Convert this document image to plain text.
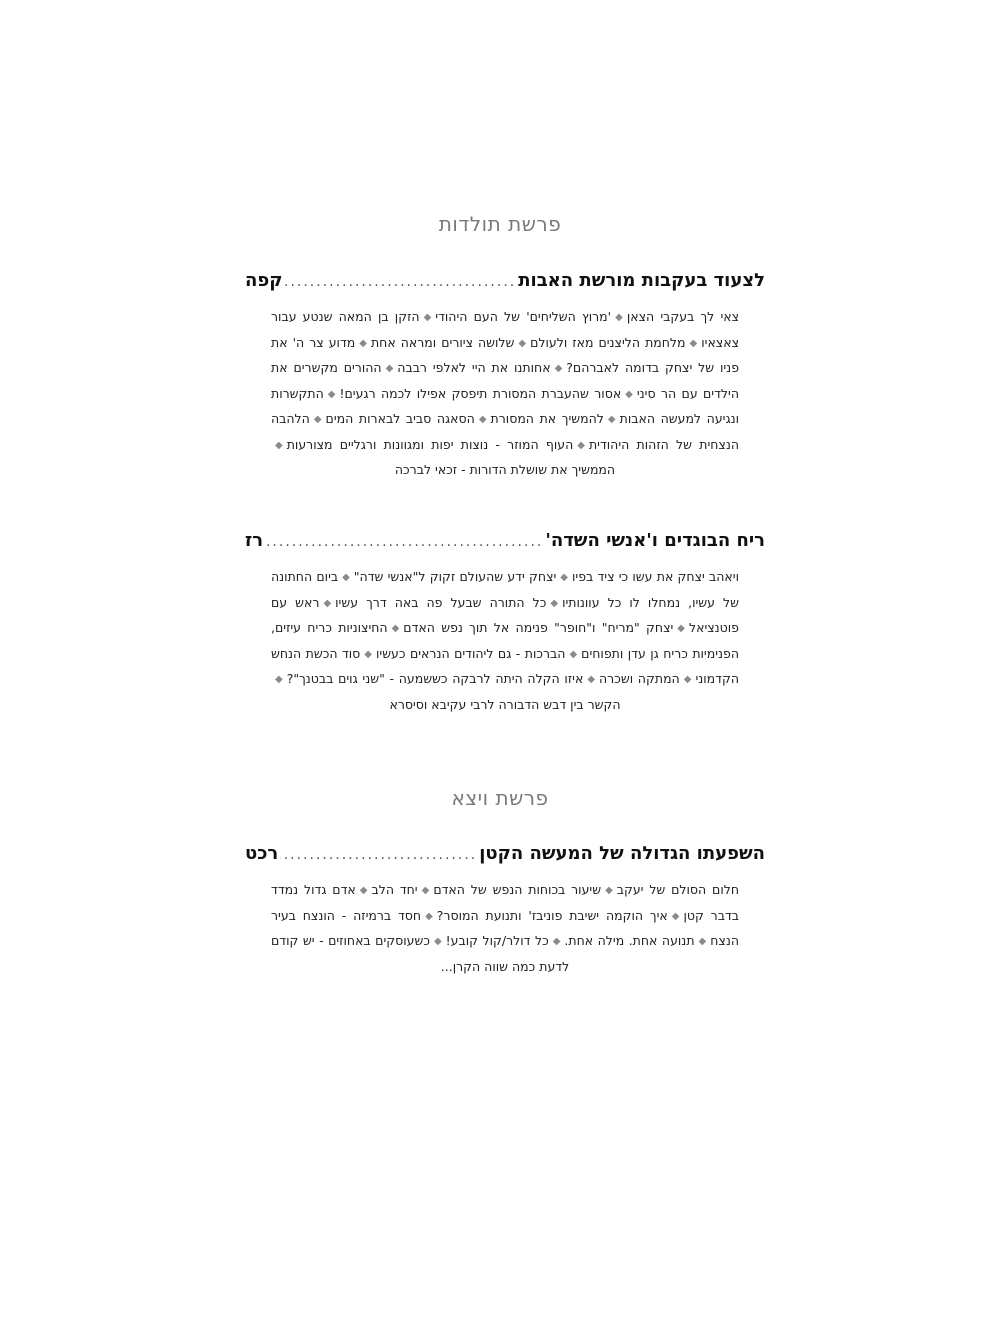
פרשת תולדות
לצעוד בעקבות מורשת האבות
.....
קפה
צאי לך בעקבי הצאן◆'מרוץ השליחים' של העם היהודי◆הזקן בן המאה שנטע עבור צאצאיו◆מלחמת הליצנים מאז ולעולם◆שלושה ציורים ומראה אחת◆מדוע צר ה' את פניו של יצחק בדומה לאברהם?◆אחותנו את היי לאלפי רבבה◆ההורים מקשרים את הילדים עם הר סיני◆אסור שהעברת המסורת תיפסק אפילו לכמה רגעים!◆התקשרות ונגיעה למעשה האבות◆להמשיך את המסורת◆הסאגה סביב לבארות המים◆הלהבה הנצחית של הזהות היהודית◆העוף המוזר - נוצות יפות ומגוונות ורגליים מצורעות◆הממשיך את שושלת הדורות - זכאי לברכה
ריח הבוגדים ו'אנשי השדה'
.....
רז
ויאהב יצחק את עשו כי ציד בפיו◆יצחק ידע שהעולם זקוק ל"אנשי שדה"◆ביום החתונה של עשיו, נמחלו לו כל עוונותיו◆כל התורה שבעל פה באה דרך עשיו◆ראש עם פוטנציאל◆יצחק "מריח" ו"חופר" פנימה אל תוך נפש האדם◆החיצוניות כריח עיזים, הפנימיות כריח גן עדן ותפוחים◆הברכות - גם ליהודים הנראים כעשיו◆סוד הכשת הנחש הקדמוני◆המתקה ושכרה◆איזו הקלה היתה לרבקה כששמעה - "שני גוים בבטנך"?◆הקשר בין דבש הדבורה לרבי עקיבא וסיסרא
פרשת ויצא
השפעתו הגדולה של המעשה הקטן
.....
רכט
חלום הסולם של יעקב◆שיעור בכוחות הנפש של האדם◆יחד הלב◆אדם גדול נמדד בדבר קטן◆איך הוקמה ישיבת פוניבז' ותנועת המוסר?◆חסד ברמיזה - הונצח בעיר הנצח◆תנועה אחת. מילה אחת.◆כל דולר/קול קובע!◆כשעוסקים באחוזים - יש קודם לדעת כמה שווה הקרן...
